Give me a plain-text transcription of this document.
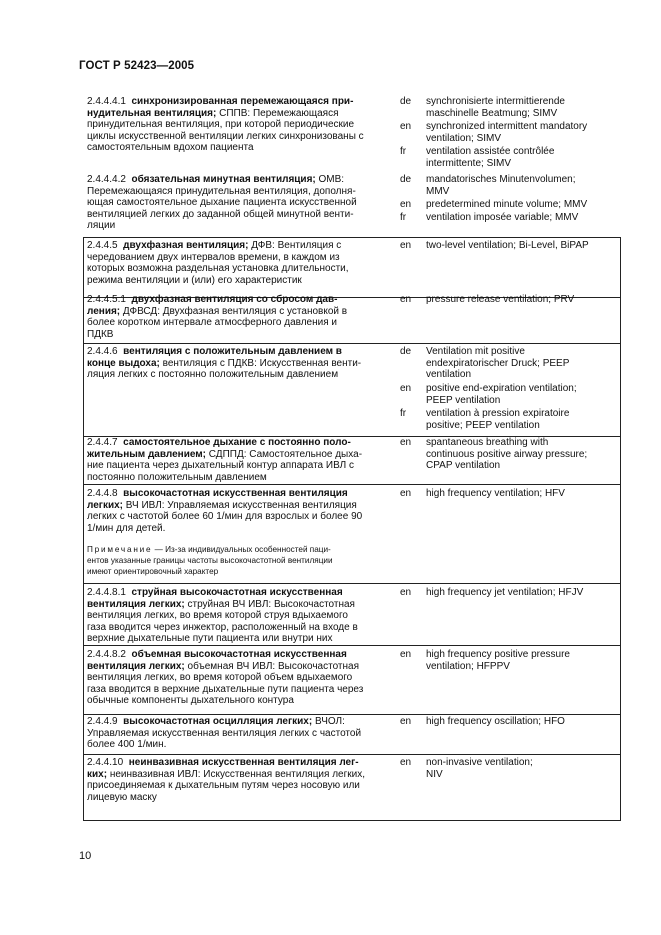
ГОСТ Р 52423—2005
2.4.4.4.1 синхронизированная перемежающаяся при-
нудительная вентиляция; СППВ: Перемежающаяся
принудительная вентиляция, при которой периодические
циклы искусственной вентиляции легких синхронизованы с
самостоятельным вдохом пациента
de	synchronisierte intermittierende
maschinelle Beatmung; SIMV
en	synchronized intermittent mandatory
ventilation; SIMV
fr	ventilation assistée contrôlée
intermittente; SIMV
2.4.4.4.2 обязательная минутная вентиляция; ОМВ:
Перемежающаяся принудительная вентиляция, дополня-
ющая самостоятельное дыхание пациента искусственной
вентиляцией легких до заданной общей минутной венти-
ляции
de	mandatorisches Minutenvolumen;
MMV
en	predetermined minute volume; MMV
fr	ventilation imposée variable; MMV
2.4.4.5 двухфазная вентиляция; ДФВ: Вентиляция с
чередованием двух интервалов времени, в каждом из
которых возможна раздельная установка длительности,
режима вентиляции и (или) его характеристик
en	two-level ventilation; Bi-Level, BiPAP
2.4.4.5.1 двухфазная вентиляция со сбросом дав-
ления; ДФВСД: Двухфазная вентиляция с установкой в
более коротком интервале атмосферного давления и
ПДКВ
en	pressure release ventilation; PRV
2.4.4.6 вентиляция с положительным давлением в
конце выдоха; вентиляция с ПДКВ: Искусственная венти-
ляция легких с постоянно положительным давлением
de	Ventilation mit positive
endexpiratorischer Druck; PEEP
ventilation
en	positive end-expiration ventilation;
PEEP ventilation
fr	ventilation à pression expiratoire
positive; PEEP ventilation
2.4.4.7 самостоятельное дыхание с постоянно поло-
жительным давлением; СДППД: Самостоятельное дыха-
ние пациента через дыхательный контур аппарата ИВЛ с
постоянно положительным давлением
en	spantaneous breathing with
continuous positive airway pressure;
CPAP ventilation
2.4.4.8 высокочастотная искусственная вентиляция
легких; ВЧ ИВЛ: Управляемая искусственная вентиляция
легких с частотой более 60 1/мин для взрослых и более 90
1/мин для детей.
en	high frequency ventilation; HFV
Примечание — Из-за индивидуальных особенностей паци-
ентов указанные границы частоты высокочастотной вентиляции
имеют ориентировочный характер
2.4.4.8.1 струйная высокочастотная искусственная
вентиляция легких; струйная ВЧ ИВЛ: Высокочастотная
вентиляция легких, во время которой струя вдыхаемого
газа вводится через инжектор, расположенный на входе в
верхние дыхательные пути пациента или внутри них
en	high frequency jet ventilation; HFJV
2.4.4.8.2 объемная высокочастотная искусственная
вентиляция легких; объемная ВЧ ИВЛ: Высокочастотная
вентиляция легких, во время которой объем вдыхаемого
газа вводится в верхние дыхательные пути пациента через
обычные компоненты дыхательного контура
en	high frequency positive pressure
ventilation; HFPPV
2.4.4.9 высокочастотная осцилляция легких; ВЧОЛ:
Управляемая искусственная вентиляция легких с частотой
более 400 1/мин.
en	high frequency oscillation; HFO
2.4.4.10 неинвазивная искусственная вентиляция лег-
ких; неинвазивная ИВЛ: Искусственная вентиляция легких,
присоединяемая к дыхательным путям через носовую или
лицевую маску
en	non-invasive ventilation;
NIV
10
